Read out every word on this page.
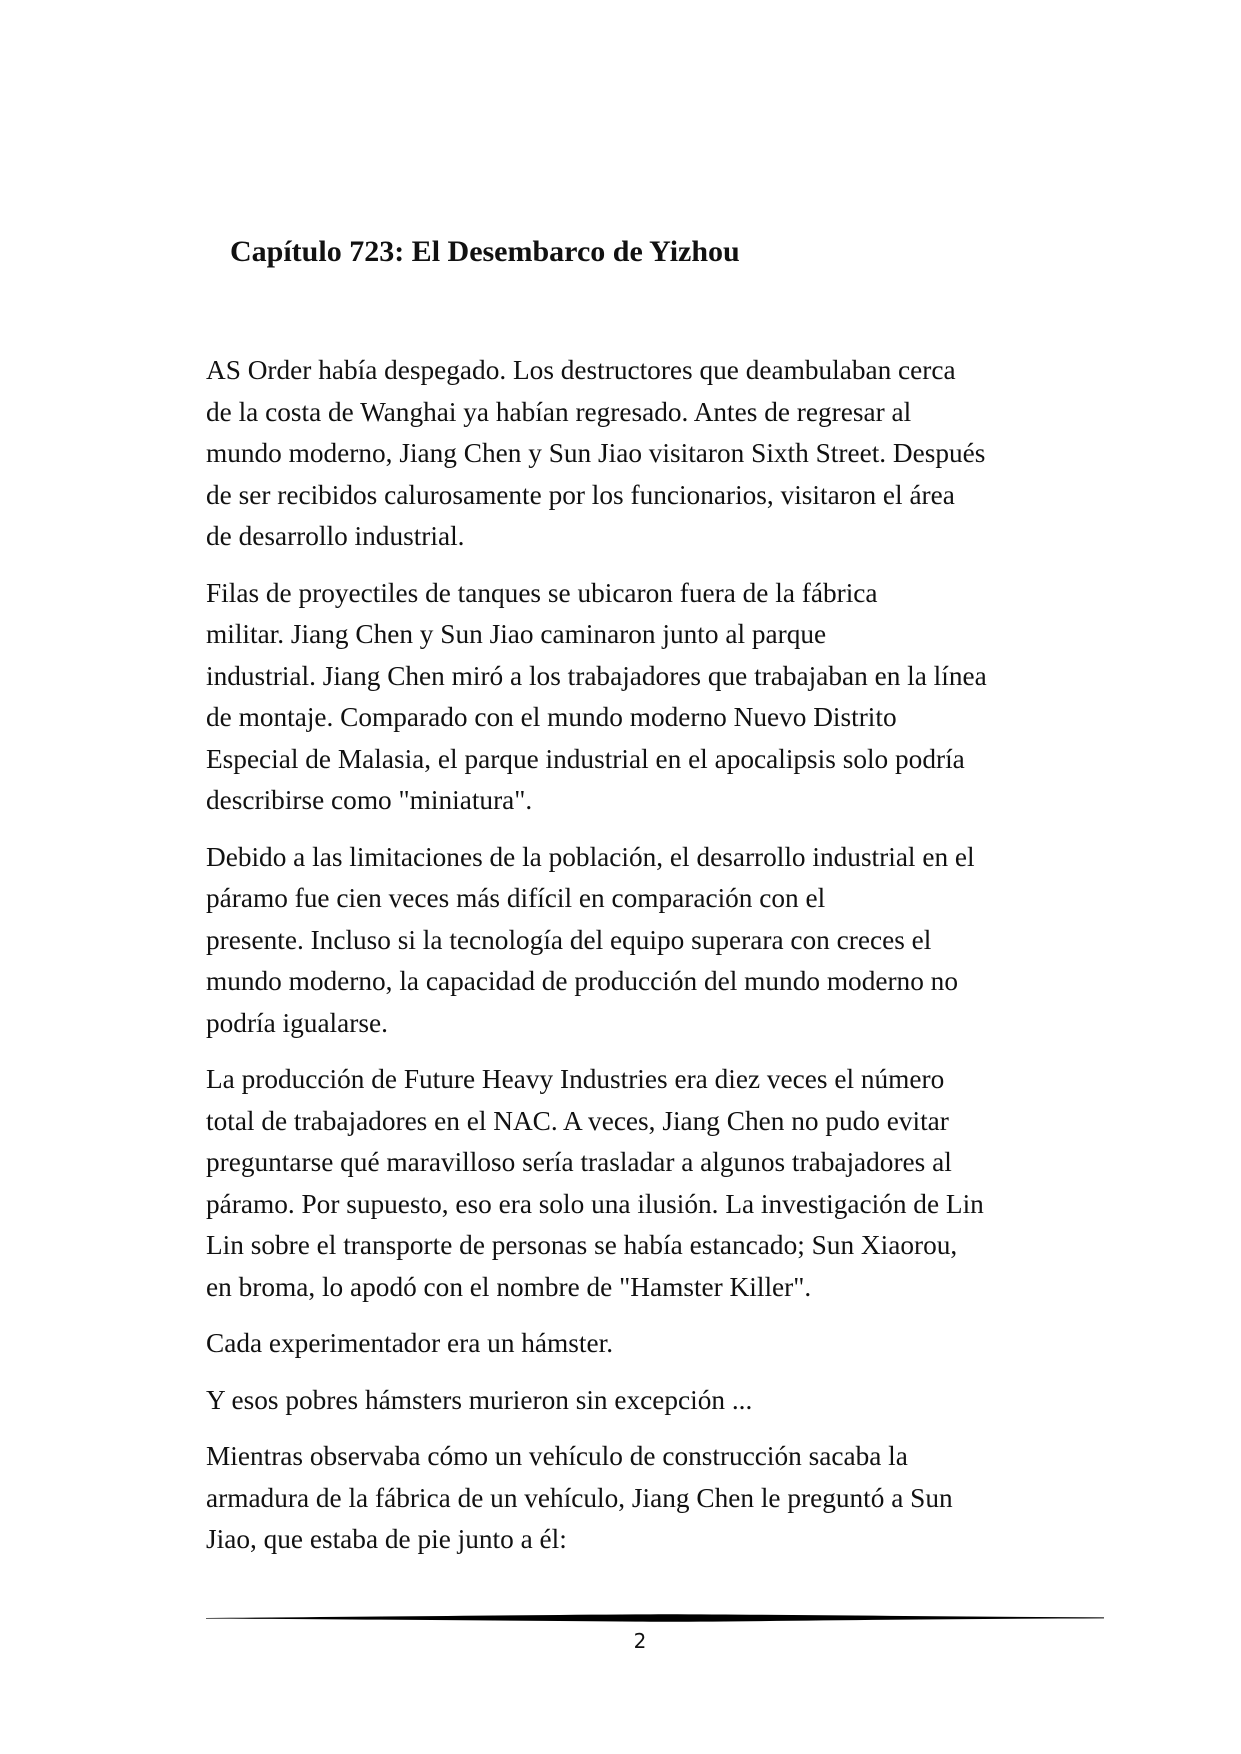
Capítulo 723: El Desembarco de Yizhou

AS Order había despegado. Los destructores que deambulaban cerca
de la costa de Wanghai ya habían regresado. Antes de regresar al
mundo moderno, Jiang Chen y Sun Jiao visitaron Sixth Street. Después
de ser recibidos calurosamente por los funcionarios, visitaron el área
de desarrollo industrial.

Filas de proyectiles de tanques se ubicaron fuera de la fábrica
militar. Jiang Chen y Sun Jiao caminaron junto al parque
industrial. Jiang Chen miró a los trabajadores que trabajaban en la línea
de montaje. Comparado con el mundo moderno Nuevo Distrito
Especial de Malasia, el parque industrial en el apocalipsis solo podría
describirse como "miniatura".

Debido a las limitaciones de la población, el desarrollo industrial en el
páramo fue cien veces más difícil en comparación con el
presente. Incluso si la tecnología del equipo superara con creces el
mundo moderno, la capacidad de producción del mundo moderno no
podría igualarse.

La producción de Future Heavy Industries era diez veces el número
total de trabajadores en el NAC. A veces, Jiang Chen no pudo evitar
preguntarse qué maravilloso sería trasladar a algunos trabajadores al
páramo. Por supuesto, eso era solo una ilusión. La investigación de Lin
Lin sobre el transporte de personas se había estancado; Sun Xiaorou,
en broma, lo apodó con el nombre de "Hamster Killer".

Cada experimentador era un hámster.

Y esos pobres hámsters murieron sin excepción ...

Mientras observaba cómo un vehículo de construcción sacaba la
armadura de la fábrica de un vehículo, Jiang Chen le preguntó a Sun
Jiao, que estaba de pie junto a él:

2
